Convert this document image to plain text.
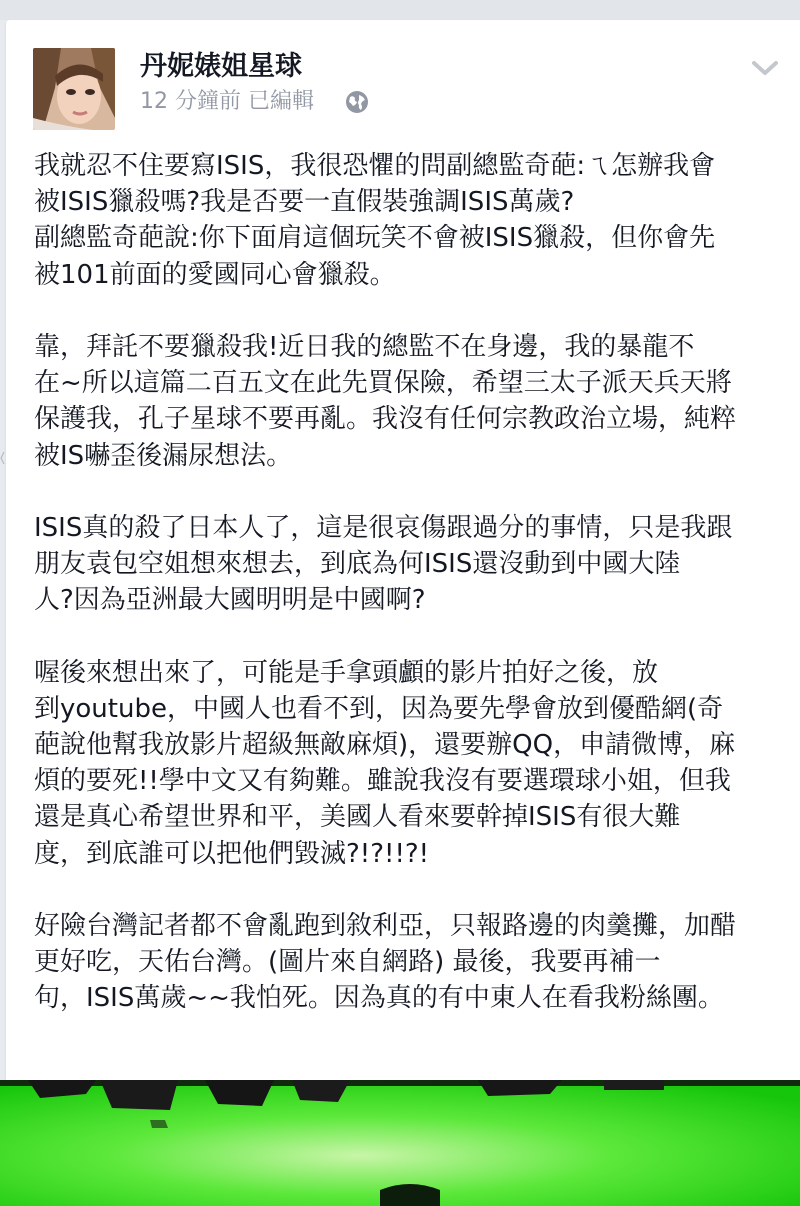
丹妮婊姐星球
12 分鐘前 已編輯
我就忍不住要寫ISIS，我很恐懼的問副總監奇葩:ㄟ怎辦我會
被ISIS獵殺嗎?我是否要一直假裝強調ISIS萬歲?
副總監奇葩說:你下面肩這個玩笑不會被ISIS獵殺，但你會先
被101前面的愛國同心會獵殺。
靠，拜託不要獵殺我!近日我的總監不在身邊，我的暴龍不
在~所以這篇二百五文在此先買保險，希望三太子派天兵天將
保護我，孔子星球不要再亂。我沒有任何宗教政治立場，純粹
被IS嚇歪後漏尿想法。
ISIS真的殺了日本人了，這是很哀傷跟過分的事情，只是我跟
朋友袁包空姐想來想去，到底為何ISIS還沒動到中國大陸
人?因為亞洲最大國明明是中國啊?
喔後來想出來了，可能是手拿頭顱的影片拍好之後，放
到youtube，中國人也看不到，因為要先學會放到優酷網(奇
葩說他幫我放影片超級無敵麻煩)，還要辦QQ，申請微博，麻
煩的要死!!學中文又有夠難。雖說我沒有要選環球小姐，但我
還是真心希望世界和平，美國人看來要幹掉ISIS有很大難
度，到底誰可以把他們毀滅?!?!!?!
好險台灣記者都不會亂跑到敘利亞，只報路邊的肉羹攤，加醋
更好吃，天佑台灣。(圖片來自網路) 最後，我要再補一
句，ISIS萬歲~~我怕死。因為真的有中東人在看我粉絲團。
